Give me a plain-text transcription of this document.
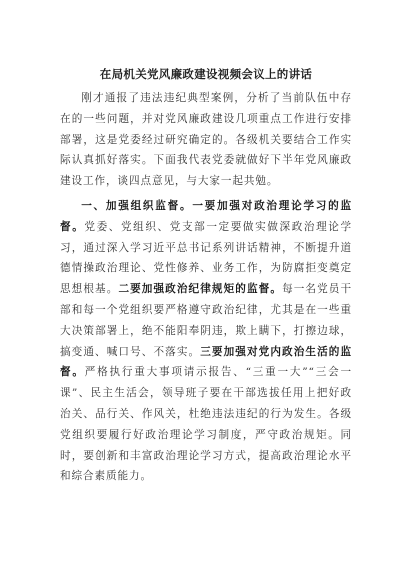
在局机关党风廉政建设视频会议上的讲话

刚才通报了违法违纪典型案例，分析了当前队伍中存在的一些问题，并对党风廉政建设几项重点工作进行安排部署，这是党委经过研究确定的。各级机关要结合工作实际认真抓好落实。下面我代表党委就做好下半年党风廉政建设工作，谈四点意见，与大家一起共勉。

一、加强组织监督。一要加强对政治理论学习的监督。党委、党组织、党支部一定要做实做深政治理论学习，通过深入学习近平总书记系列讲话精神，不断提升道德情操政治理论、党性修养、业务工作，为防腐拒变奠定思想根基。二要加强政治纪律规矩的监督。每一名党员干部和每一个党组织要严格遵守政治纪律，尤其是在一些重大决策部署上，绝不能阳奉阴违，欺上瞒下，打擦边球，搞变通、喊口号、不落实。三要加强对党内政治生活的监督。严格执行重大事项请示报告、“三重一大”“三会一课”、民主生活会，领导班子要在干部选拔任用上把好政治关、品行关、作风关，杜绝违法违纪的行为发生。各级党组织要履行好政治理论学习制度，严守政治规矩。同时，要创新和丰富政治理论学习方式，提高政治理论水平和综合素质能力。
